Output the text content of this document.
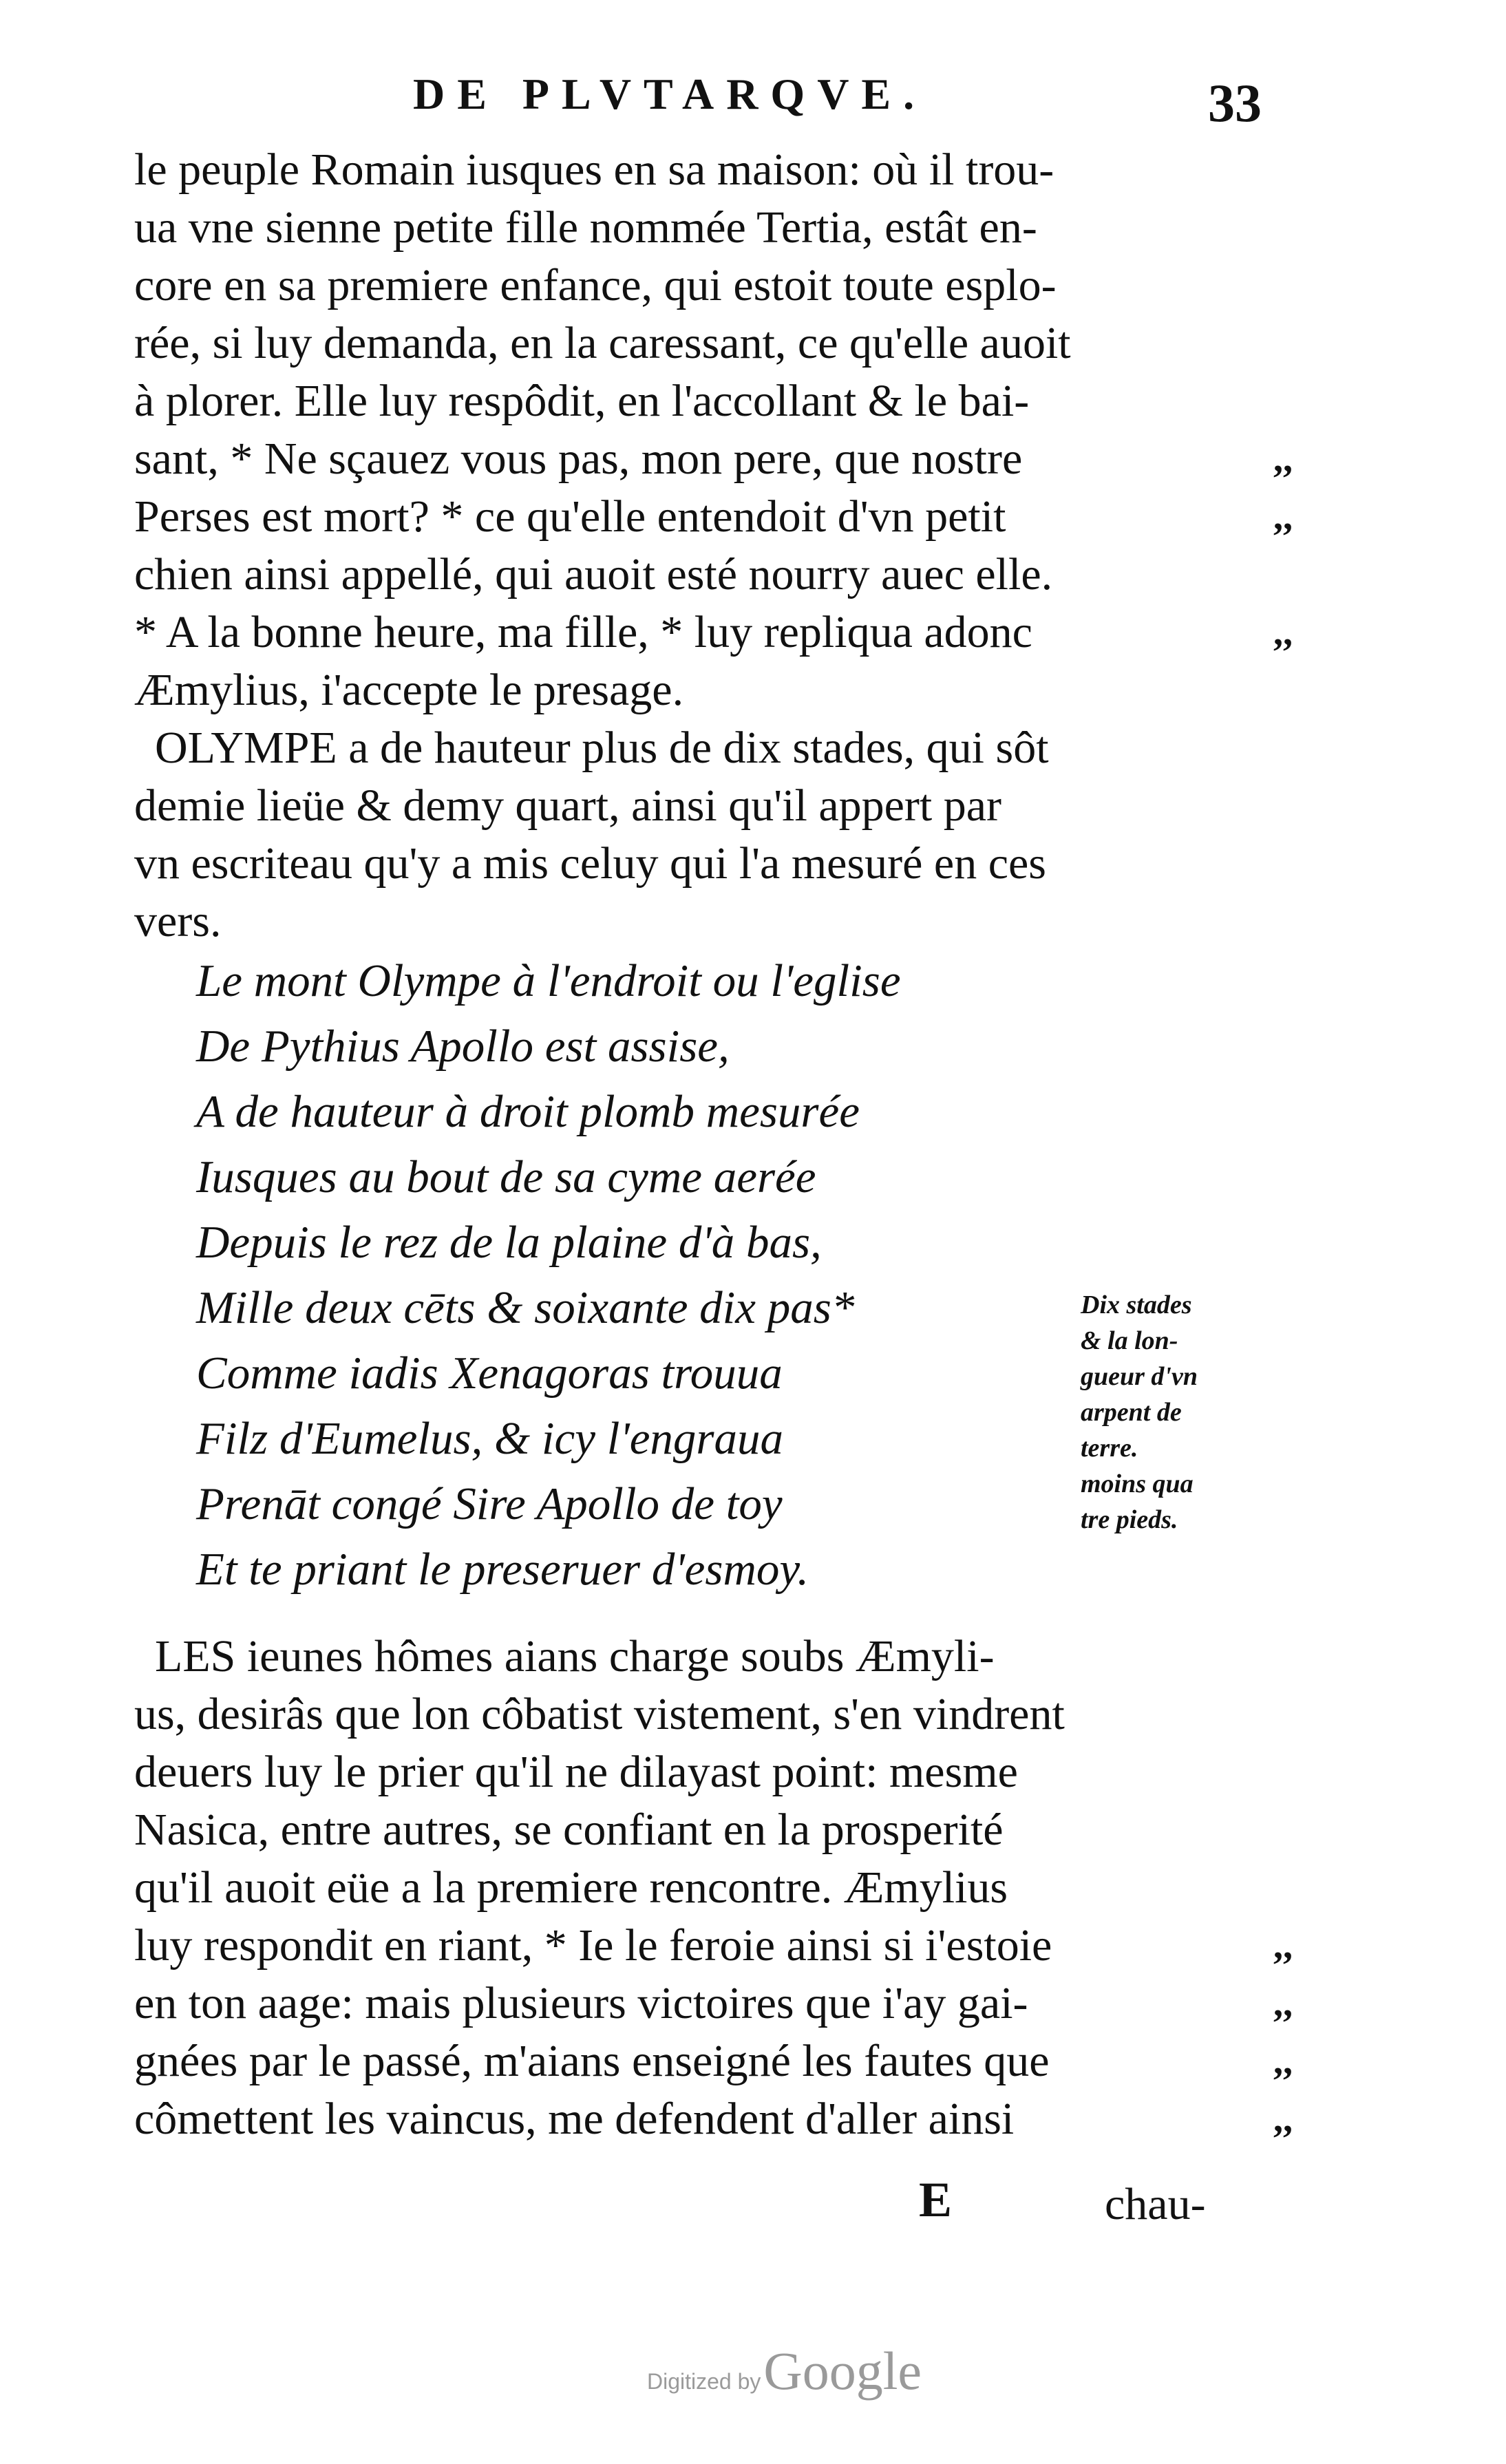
DE PLVTARQVE.	33
le peuple Romain iusques en sa maison: où il trou-
ua vne sienne petite fille nommée Tertia, estât en-
core en sa premiere enfance, qui estoit toute esplo-
rée, si luy demanda, en la caressant, ce qu'elle auoit
à plorer. Elle luy respôdit, en l'accollant & le bai-
sant, * Ne sçauez vous pas, mon pere, que nostre
Perses est mort? * ce qu'elle entendoit d'vn petit
chien ainsi appellé, qui auoit esté nourry auec elle.
* A la bonne heure, ma fille, * luy repliqua adonc
Æmylius, i'accepte le presage.
OLYMPE a de hauteur plus de dix stades, qui sôt
demie lieüe & demy quart, ainsi qu'il appert par
vn escriteau qu'y a mis celuy qui l'a mesuré en ces
vers.
,,
,,
,,
Le mont Olympe à l'endroit ou l'eglise
De Pythius Apollo est assise,
A de hauteur à droit plomb mesurée
Iusques au bout de sa cyme aerée
Depuis le rez de la plaine d'à bas,
Mille deux cēts & soixante dix pas*
Comme iadis Xenagoras trouua
Filz d'Eumelus, & icy l'engraua
Prenāt congé Sire Apollo de toy
Et te priant le preseruer d'esmoy.
Dix stades
& la lon-
gueur d'vn
arpent de
terre.
moins qua
tre pieds.
LES ieunes hômes aians charge soubs Æmyli-
us, desirâs que lon côbatist vistement, s'en vindrent
deuers luy le prier qu'il ne dilayast point: mesme
Nasica, entre autres, se confiant en la prosperité
qu'il auoit eüe a la premiere rencontre. Æmylius
luy respondit en riant, * Ie le feroie ainsi si i'estoie
en ton aage: mais plusieurs victoires que i'ay gai-
gnées par le passé, m'aians enseigné les fautes que
cômettent les vaincus, me defendent d'aller ainsi
,,
,,
,,
,,
E	chau-
Digitized by Google
